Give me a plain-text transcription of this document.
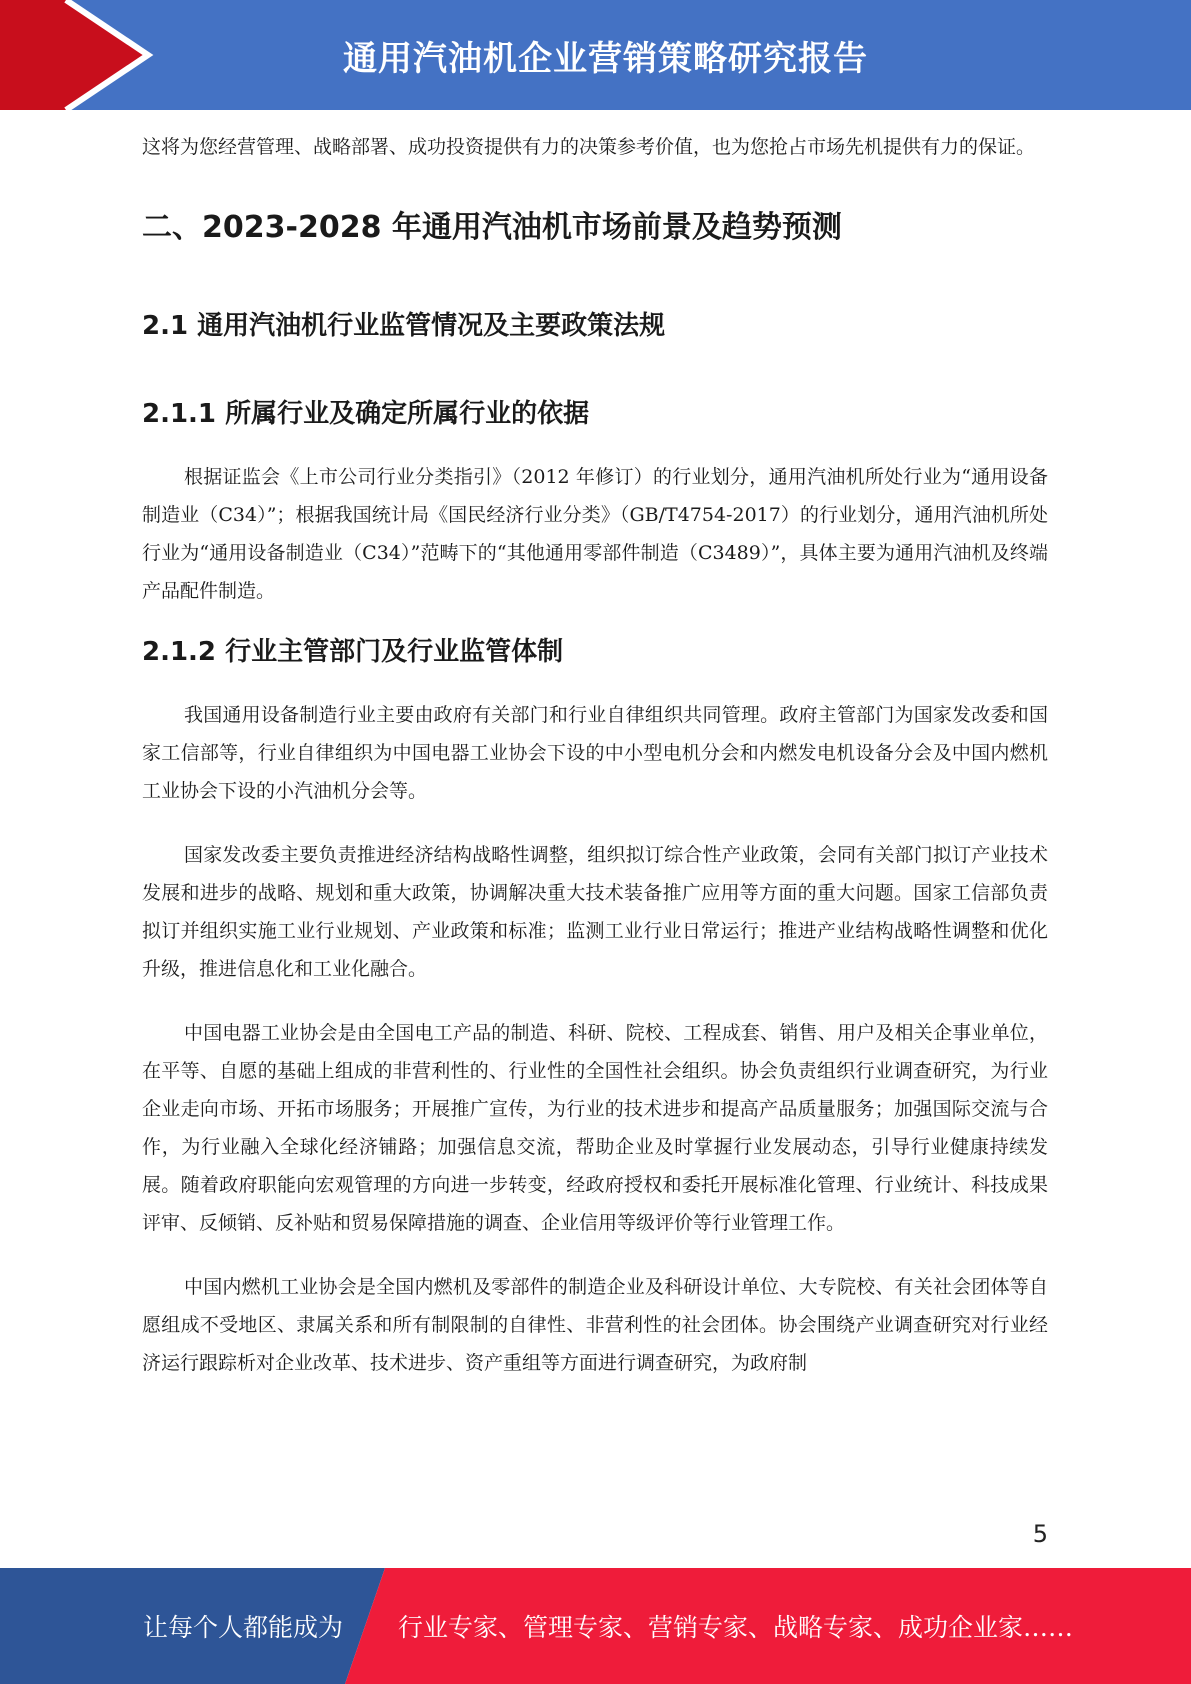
通用汽油机企业营销策略研究报告

这将为您经营管理、战略部署、成功投资提供有力的决策参考价值，也为您抢占市场先机提供有力的保证。

二、2023-2028 年通用汽油机市场前景及趋势预测
2.1 通用汽油机行业监管情况及主要政策法规
2.1.1 所属行业及确定所属行业的依据

根据证监会《上市公司行业分类指引》（2012 年修订）的行业划分，通用汽油机所处行业为“通用设备制造业（C34）”；根据我国统计局《国民经济行业分类》（GB/T4754-2017）的行业划分，通用汽油机所处行业为“通用设备制造业（C34）”范畴下的“其他通用零部件制造（C3489）”，具体主要为通用汽油机及终端产品配件制造。

2.1.2 行业主管部门及行业监管体制

我国通用设备制造行业主要由政府有关部门和行业自律组织共同管理。政府主管部门为国家发改委和国家工信部等，行业自律组织为中国电器工业协会下设的中小型电机分会和内燃发电机设备分会及中国内燃机工业协会下设的小汽油机分会等。

国家发改委主要负责推进经济结构战略性调整，组织拟订综合性产业政策，会同有关部门拟订产业技术发展和进步的战略、规划和重大政策，协调解决重大技术装备推广应用等方面的重大问题。国家工信部负责拟订并组织实施工业行业规划、产业政策和标准；监测工业行业日常运行；推进产业结构战略性调整和优化升级，推进信息化和工业化融合。

中国电器工业协会是由全国电工产品的制造、科研、院校、工程成套、销售、用户及相关企事业单位，在平等、自愿的基础上组成的非营利性的、行业性的全国性社会组织。协会负责组织行业调查研究，为行业企业走向市场、开拓市场服务；开展推广宣传，为行业的技术进步和提高产品质量服务；加强国际交流与合作，为行业融入全球化经济铺路；加强信息交流，帮助企业及时掌握行业发展动态，引导行业健康持续发展。随着政府职能向宏观管理的方向进一步转变，经政府授权和委托开展标准化管理、行业统计、科技成果评审、反倾销、反补贴和贸易保障措施的调查、企业信用等级评价等行业管理工作。

中国内燃机工业协会是全国内燃机及零部件的制造企业及科研设计单位、大专院校、有关社会团体等自愿组成不受地区、隶属关系和所有制限制的自律性、非营利性的社会团体。协会围绕产业调查研究对行业经济运行跟踪析对企业改革、技术进步、资产重组等方面进行调查研究，为政府制

5
让每个人都能成为 行业专家、管理专家、营销专家、战略专家、成功企业家……
